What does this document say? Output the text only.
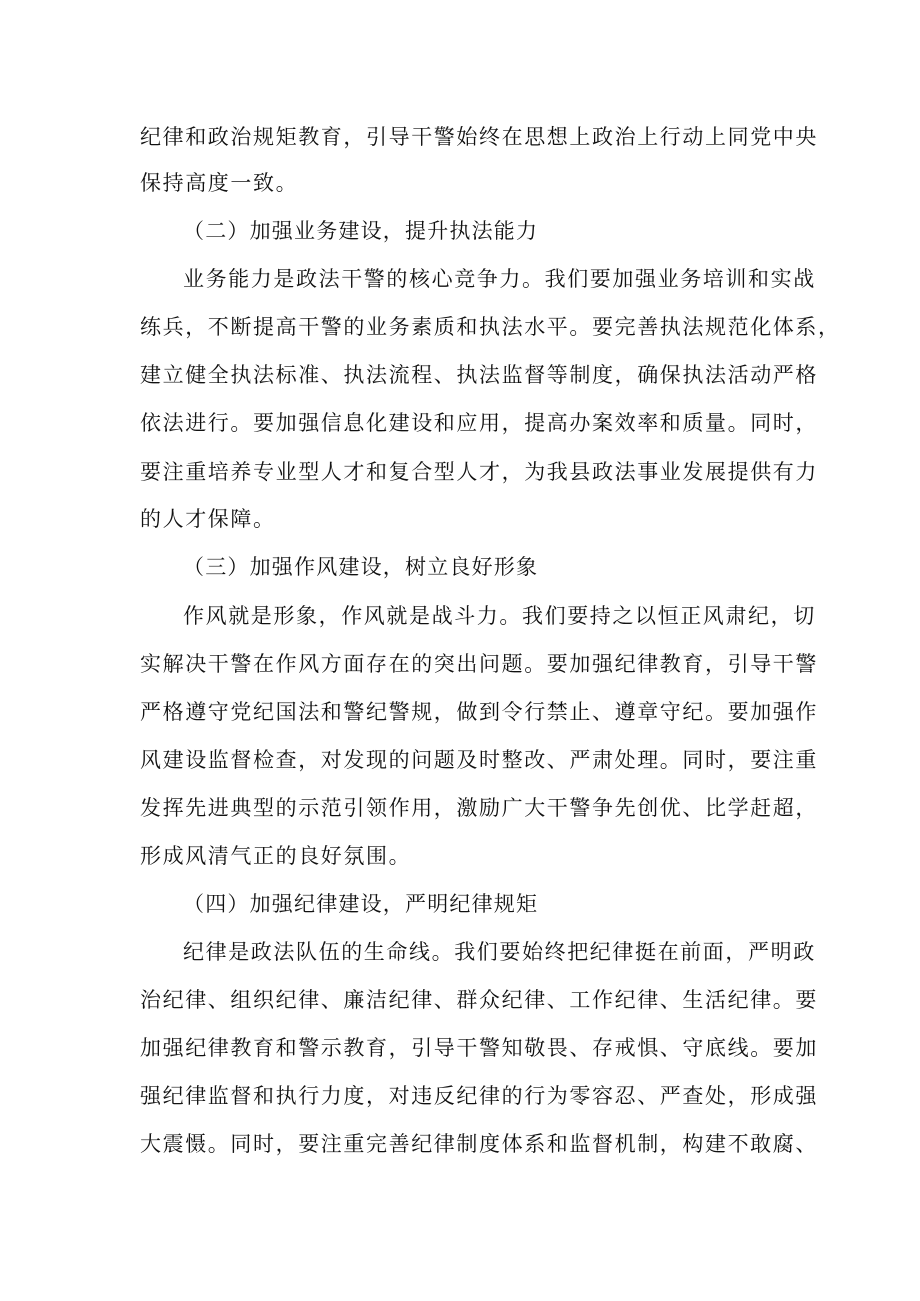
纪律和政治规矩教育，引导干警始终在思想上政治上行动上同党中央
保持高度一致。
（二）加强业务建设，提升执法能力
业务能力是政法干警的核心竞争力。我们要加强业务培训和实战
练兵，不断提高干警的业务素质和执法水平。要完善执法规范化体系，
建立健全执法标准、执法流程、执法监督等制度，确保执法活动严格
依法进行。要加强信息化建设和应用，提高办案效率和质量。同时，
要注重培养专业型人才和复合型人才，为我县政法事业发展提供有力
的人才保障。
（三）加强作风建设，树立良好形象
作风就是形象，作风就是战斗力。我们要持之以恒正风肃纪，切
实解决干警在作风方面存在的突出问题。要加强纪律教育，引导干警
严格遵守党纪国法和警纪警规，做到令行禁止、遵章守纪。要加强作
风建设监督检查，对发现的问题及时整改、严肃处理。同时，要注重
发挥先进典型的示范引领作用，激励广大干警争先创优、比学赶超，
形成风清气正的良好氛围。
（四）加强纪律建设，严明纪律规矩
纪律是政法队伍的生命线。我们要始终把纪律挺在前面，严明政
治纪律、组织纪律、廉洁纪律、群众纪律、工作纪律、生活纪律。要
加强纪律教育和警示教育，引导干警知敬畏、存戒惧、守底线。要加
强纪律监督和执行力度，对违反纪律的行为零容忍、严查处，形成强
大震慑。同时，要注重完善纪律制度体系和监督机制，构建不敢腐、
